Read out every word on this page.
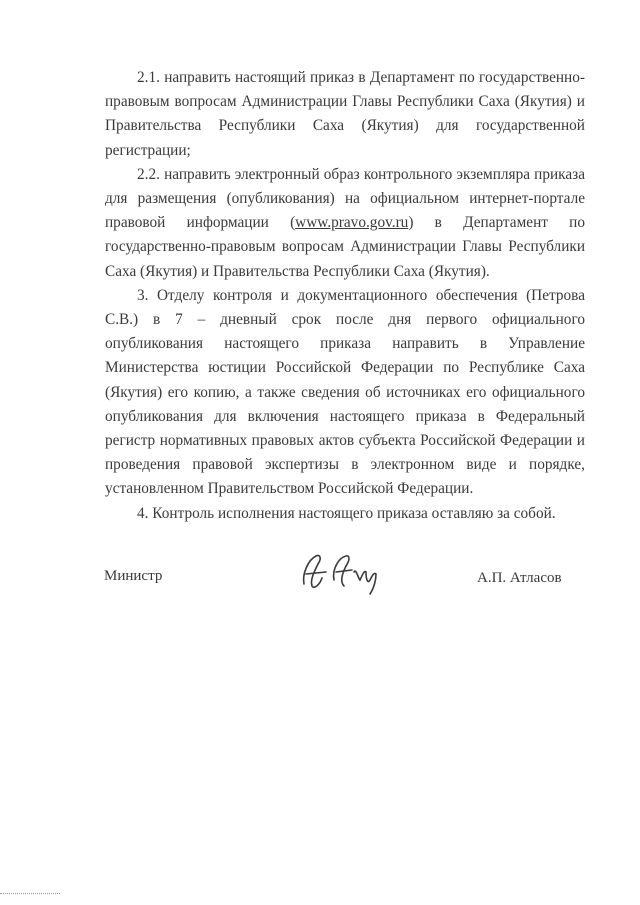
2.1. направить настоящий приказ в Департамент по государственно-правовым вопросам Администрации Главы Республики Саха (Якутия) и Правительства Республики Саха (Якутия) для государственной регистрации;

2.2. направить электронный образ контрольного экземпляра приказа для размещения (опубликования) на официальном интернет-портале правовой информации (www.pravo.gov.ru) в Департамент по государственно-правовым вопросам Администрации Главы Республики Саха (Якутия) и Правительства Республики Саха (Якутия).

3. Отделу контроля и документационного обеспечения (Петрова С.В.) в 7 – дневный срок после дня первого официального опубликования настоящего приказа направить в Управление Министерства юстиции Российской Федерации по Республике Саха (Якутия) его копию, а также сведения об источниках его официального опубликования для включения настоящего приказа в Федеральный регистр нормативных правовых актов субъекта Российской Федерации и проведения правовой экспертизы в электронном виде и порядке, установленном Правительством Российской Федерации.

4. Контроль исполнения настоящего приказа оставляю за собой.

Министр	А.П. Атласов
